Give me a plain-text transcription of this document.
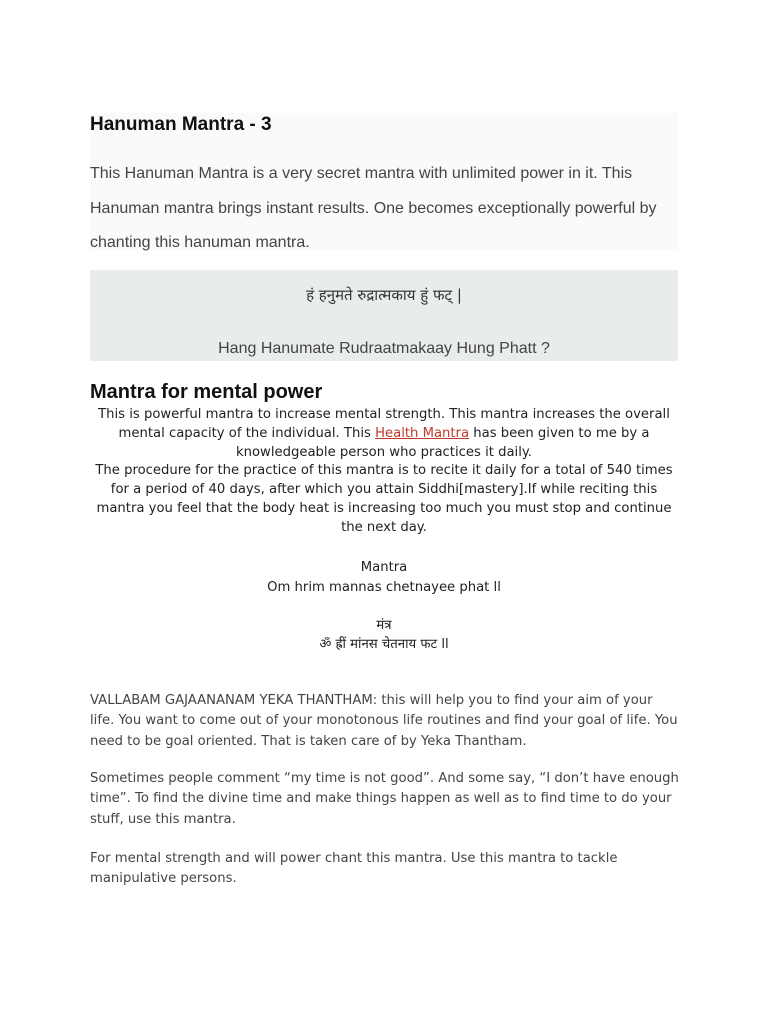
Hanuman Mantra - 3

This Hanuman Mantra is a very secret mantra with unlimited power in it. This Hanuman mantra brings instant results. One becomes exceptionally powerful by chanting this hanuman mantra.

हं हनुमते रुद्रात्मकाय हुं फट् |
Hang Hanumate Rudraatmakaay Hung Phatt ?
Mantra for mental power

This is powerful mantra to increase mental strength. This mantra increases the overall mental capacity of the individual. This Health Mantra has been given to me by a knowledgeable person who practices it daily.

The procedure for the practice of this mantra is to recite it daily for a total of 540 times for a period of 40 days, after which you attain Siddhi[mastery].If while reciting this mantra you feel that the body heat is increasing too much you must stop and continue the next day.

Mantra
Om hrim mannas chetnayee phat ll
मंत्र
ॐ ह्रीं मांनस चेतनाय फट ll

VALLABAM GAJAANANAM YEKA THANTHAM: this will help you to find your aim of your life. You want to come out of your monotonous life routines and find your goal of life. You need to be goal oriented. That is taken care of by Yeka Thantham.

Sometimes people comment “my time is not good”. And some say, “I don’t have enough time”. To find the divine time and make things happen as well as to find time to do your stuff, use this mantra.

For mental strength and will power chant this mantra. Use this mantra to tackle manipulative persons.
